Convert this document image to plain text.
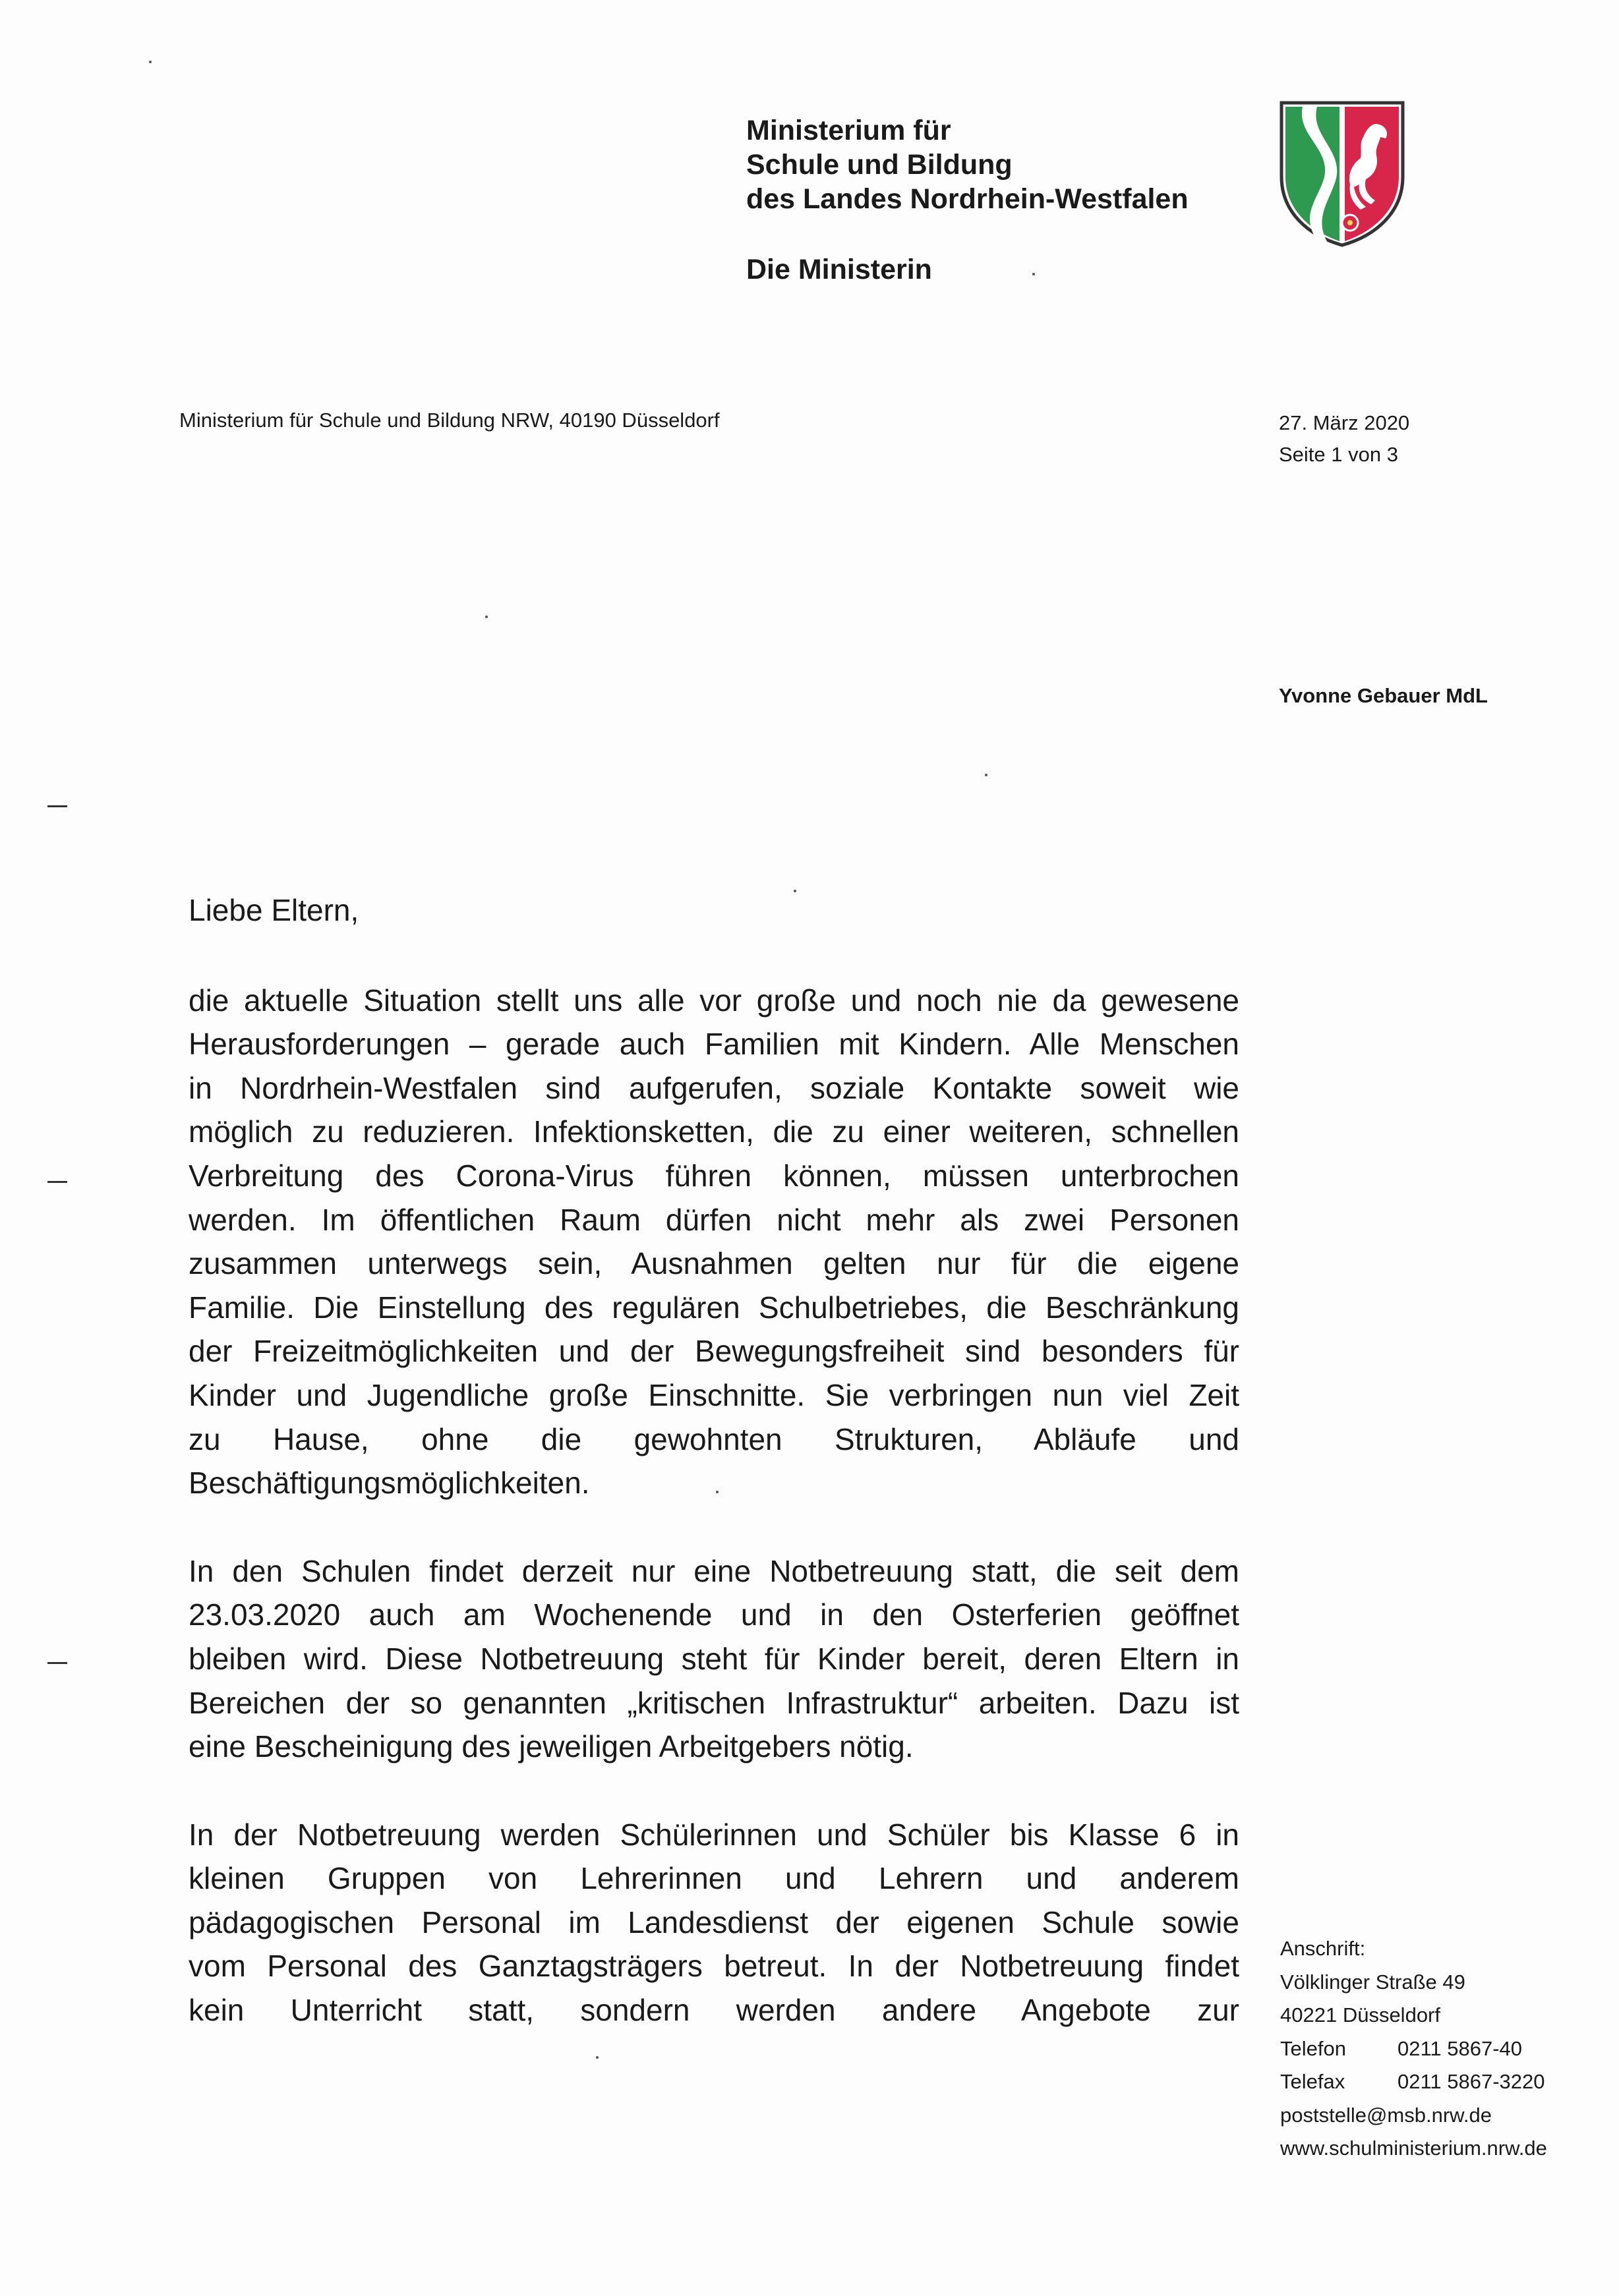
Ministerium für
Schule und Bildung
des Landes Nordrhein-Westfalen
Die Ministerin
Ministerium für Schule und Bildung NRW, 40190 Düsseldorf	27. März 2020
Seite 1 von 3
Yvonne Gebauer MdL
Liebe Eltern,
die aktuelle Situation stellt uns alle vor große und noch nie da gewesene
Herausforderungen – gerade auch Familien mit Kindern. Alle Menschen
in Nordrhein-Westfalen sind aufgerufen, soziale Kontakte soweit wie
möglich zu reduzieren. Infektionsketten, die zu einer weiteren, schnellen
Verbreitung des Corona-Virus führen können, müssen unterbrochen
werden. Im öffentlichen Raum dürfen nicht mehr als zwei Personen
zusammen unterwegs sein, Ausnahmen gelten nur für die eigene
Familie. Die Einstellung des regulären Schulbetriebes, die Beschränkung
der Freizeitmöglichkeiten und der Bewegungsfreiheit sind besonders für
Kinder und Jugendliche große Einschnitte. Sie verbringen nun viel Zeit
zu Hause, ohne die gewohnten Strukturen, Abläufe und
Beschäftigungsmöglichkeiten.
In den Schulen findet derzeit nur eine Notbetreuung statt, die seit dem
23.03.2020 auch am Wochenende und in den Osterferien geöffnet
bleiben wird. Diese Notbetreuung steht für Kinder bereit, deren Eltern in
Bereichen der so genannten „kritischen Infrastruktur“ arbeiten. Dazu ist
eine Bescheinigung des jeweiligen Arbeitgebers nötig.
In der Notbetreuung werden Schülerinnen und Schüler bis Klasse 6 in
kleinen Gruppen von Lehrerinnen und Lehrern und anderem
pädagogischen Personal im Landesdienst der eigenen Schule sowie
vom Personal des Ganztagsträgers betreut. In der Notbetreuung findet
kein Unterricht statt, sondern werden andere Angebote zur
Anschrift:
Völklinger Straße 49
40221 Düsseldorf
Telefon	0211 5867-40
Telefax	0211 5867-3220
poststelle@msb.nrw.de
www.schulministerium.nrw.de
